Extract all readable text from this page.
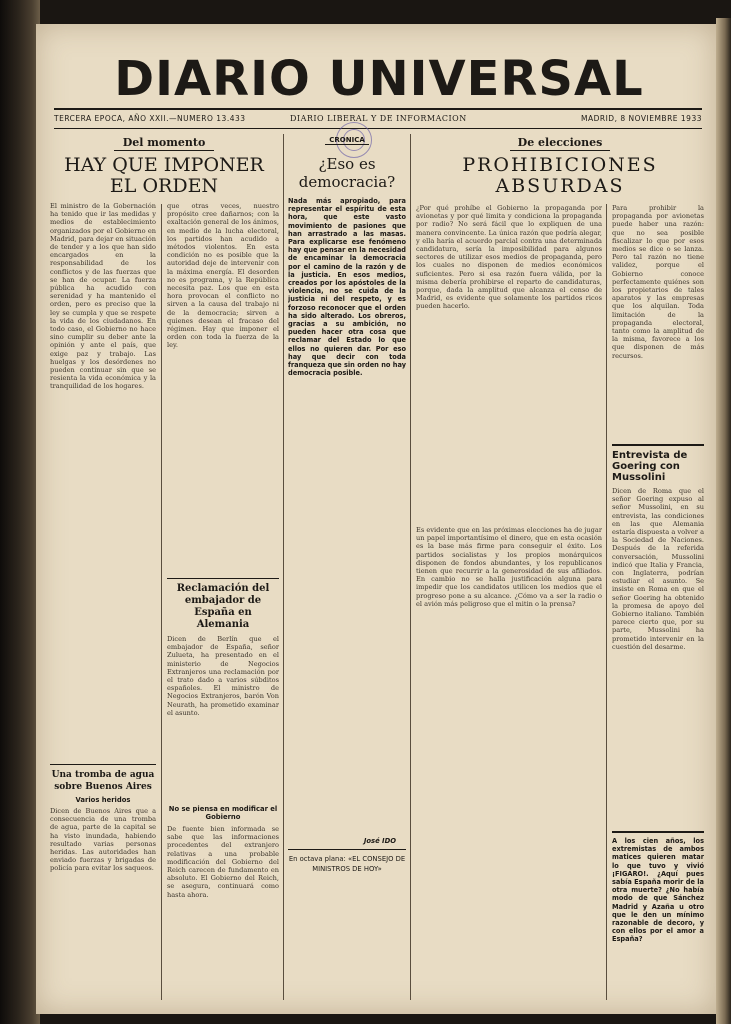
DIARIO UNIVERSAL
TERCERA EPOCA, AÑO XXII.—NUMERO 13.433	DIARIO LIBERAL Y DE INFORMACION	MADRID, 8 NOVIEMBRE 1933
Del momento
HAY QUE IMPONER EL ORDEN
El ministro de la Gobernación ha tenido que ir las medidas y medios de establecimiento organizados por el Gobierno en Madrid, para dejar en situación de tender y a los que han sido encargados en la responsabilidad de los conflictos y de las fuerzas que se han de ocupar. La fuerza pública ha acudido con serenidad y ha mantenido el orden, pero es preciso que la ley se cumpla y que se respete la vida de los ciudadanos. En todo caso, el Gobierno no hace sino cumplir su deber ante la opinión y ante el país, que exige paz y trabajo. Las huelgas y los desórdenes no pueden continuar sin que se resienta la vida económica y la tranquilidad de los hogares.
Una tromba de agua sobre Buenos Aires
Varios heridos
Dicen de Buenos Aires que a consecuencia de una tromba de agua, parte de la capital se ha visto inundada, habiendo resultado varias personas heridas. Las autoridades han enviado fuerzas y brigadas de policía para evitar los saqueos.
que otras veces, nuestro propósito cree dañarnos; con la exaltación general de los ánimos, en medio de la lucha electoral, los partidos han acudido a métodos violentos. En esta condición no es posible que la autoridad deje de intervenir con la máxima energía. El desorden no es programa, y la República necesita paz. Los que en esta hora provocan el conflicto no sirven a la causa del trabajo ni de la democracia; sirven a quienes desean el fracaso del régimen. Hay que imponer el orden con toda la fuerza de la ley.
Reclamación del embajador de España en Alemania
Dicen de Berlín que el embajador de España, señor Zulueta, ha presentado en el ministerio de Negocios Extranjeros una reclamación por el trato dado a varios súbditos españoles. El ministro de Negocios Extranjeros, barón Von Neurath, ha prometido examinar el asunto.
No se piensa en modificar el Gobierno
De fuente bien informada se sabe que las informaciones procedentes del extranjero relativas a una probable modificación del Gobierno del Reich carecen de fundamento en absoluto. El Gobierno del Reich, se asegura, continuará como hasta ahora.
CRONICA
¿Eso es democracia?
Nada más apropiado, para representar el espíritu de esta hora, que este vasto movimiento de pasiones que han arrastrado a las masas. Para explicarse ese fenómeno hay que pensar en la necesidad de encaminar la democracia por el camino de la razón y de la justicia. En esos medios, creados por los apóstoles de la violencia, no se cuida de la justicia ni del respeto, y es forzoso reconocer que el orden ha sido alterado. Los obreros, gracias a su ambición, no pueden hacer otra cosa que reclamar del Estado lo que ellos no quieren dar. Por eso hay que decir con toda franqueza que sin orden no hay democracia posible.
José IDO
En octava plana: «EL CONSEJO DE MINISTROS DE HOY»
De elecciones
PROHIBICIONES ABSURDAS
¿Por qué prohíbe el Gobierno la propaganda por avionetas y por qué limita y condiciona la propaganda por radio? No será fácil que lo expliquen de una manera convincente. La única razón que podría alegar, y ella haría el acuerdo parcial contra una determinada candidatura, sería la imposibilidad para algunos sectores de utilizar esos medios de propaganda, pero los cuales no disponen de medios económicos suficientes. Pero si esa razón fuera válida, por la misma debería prohibirse el reparto de candidaturas, porque, dada la amplitud que alcanza el censo de Madrid, es evidente que solamente los partidos ricos pueden hacerlo.
Es evidente que en las próximas elecciones ha de jugar un papel importantísimo el dinero, que en esta ocasión es la base más firme para conseguir el éxito. Los partidos socialistas y los propios monárquicos disponen de fondos abundantes, y los republicanos tienen que recurrir a la generosidad de sus afiliados. En cambio no se halla justificación alguna para impedir que los candidatos utilicen los medios que el progreso pone a su alcance. ¿Cómo va a ser la radio o el avión más peligroso que el mitin o la prensa?
Para prohibir la propaganda por avionetas puede haber una razón: que no sea posible fiscalizar lo que por esos medios se dice o se lanza. Pero tal razón no tiene validez, porque el Gobierno conoce perfectamente quiénes son los propietarios de tales aparatos y las empresas que los alquilan. Toda limitación de la propaganda electoral, tanto como la amplitud de la misma, favorece a los que disponen de más recursos.
Entrevista de Goering con Mussolini
Dicen de Roma que el señor Goering expuso al señor Mussolini, en su entrevista, las condiciones en las que Alemania estaría dispuesta a volver a la Sociedad de Naciones. Después de la referida conversación, Mussolini indicó que Italia y Francia, con Inglaterra, podrían estudiar el asunto. Se insiste en Roma en que el señor Goering ha obtenido la promesa de apoyo del Gobierno italiano. También parece cierto que, por su parte, Mussolini ha prometido intervenir en la cuestión del desarme.
A los cien años, los extremistas de ambos matices quieren matar lo que tuvo y vivió ¡FIGARO!. ¿Aquí pues sabía España morir de la otra muerte? ¿No había modo de que Sánchez Madrid y Azaña u otro que le den un mínimo razonable de decoro, y con ellos por el amor a España?
